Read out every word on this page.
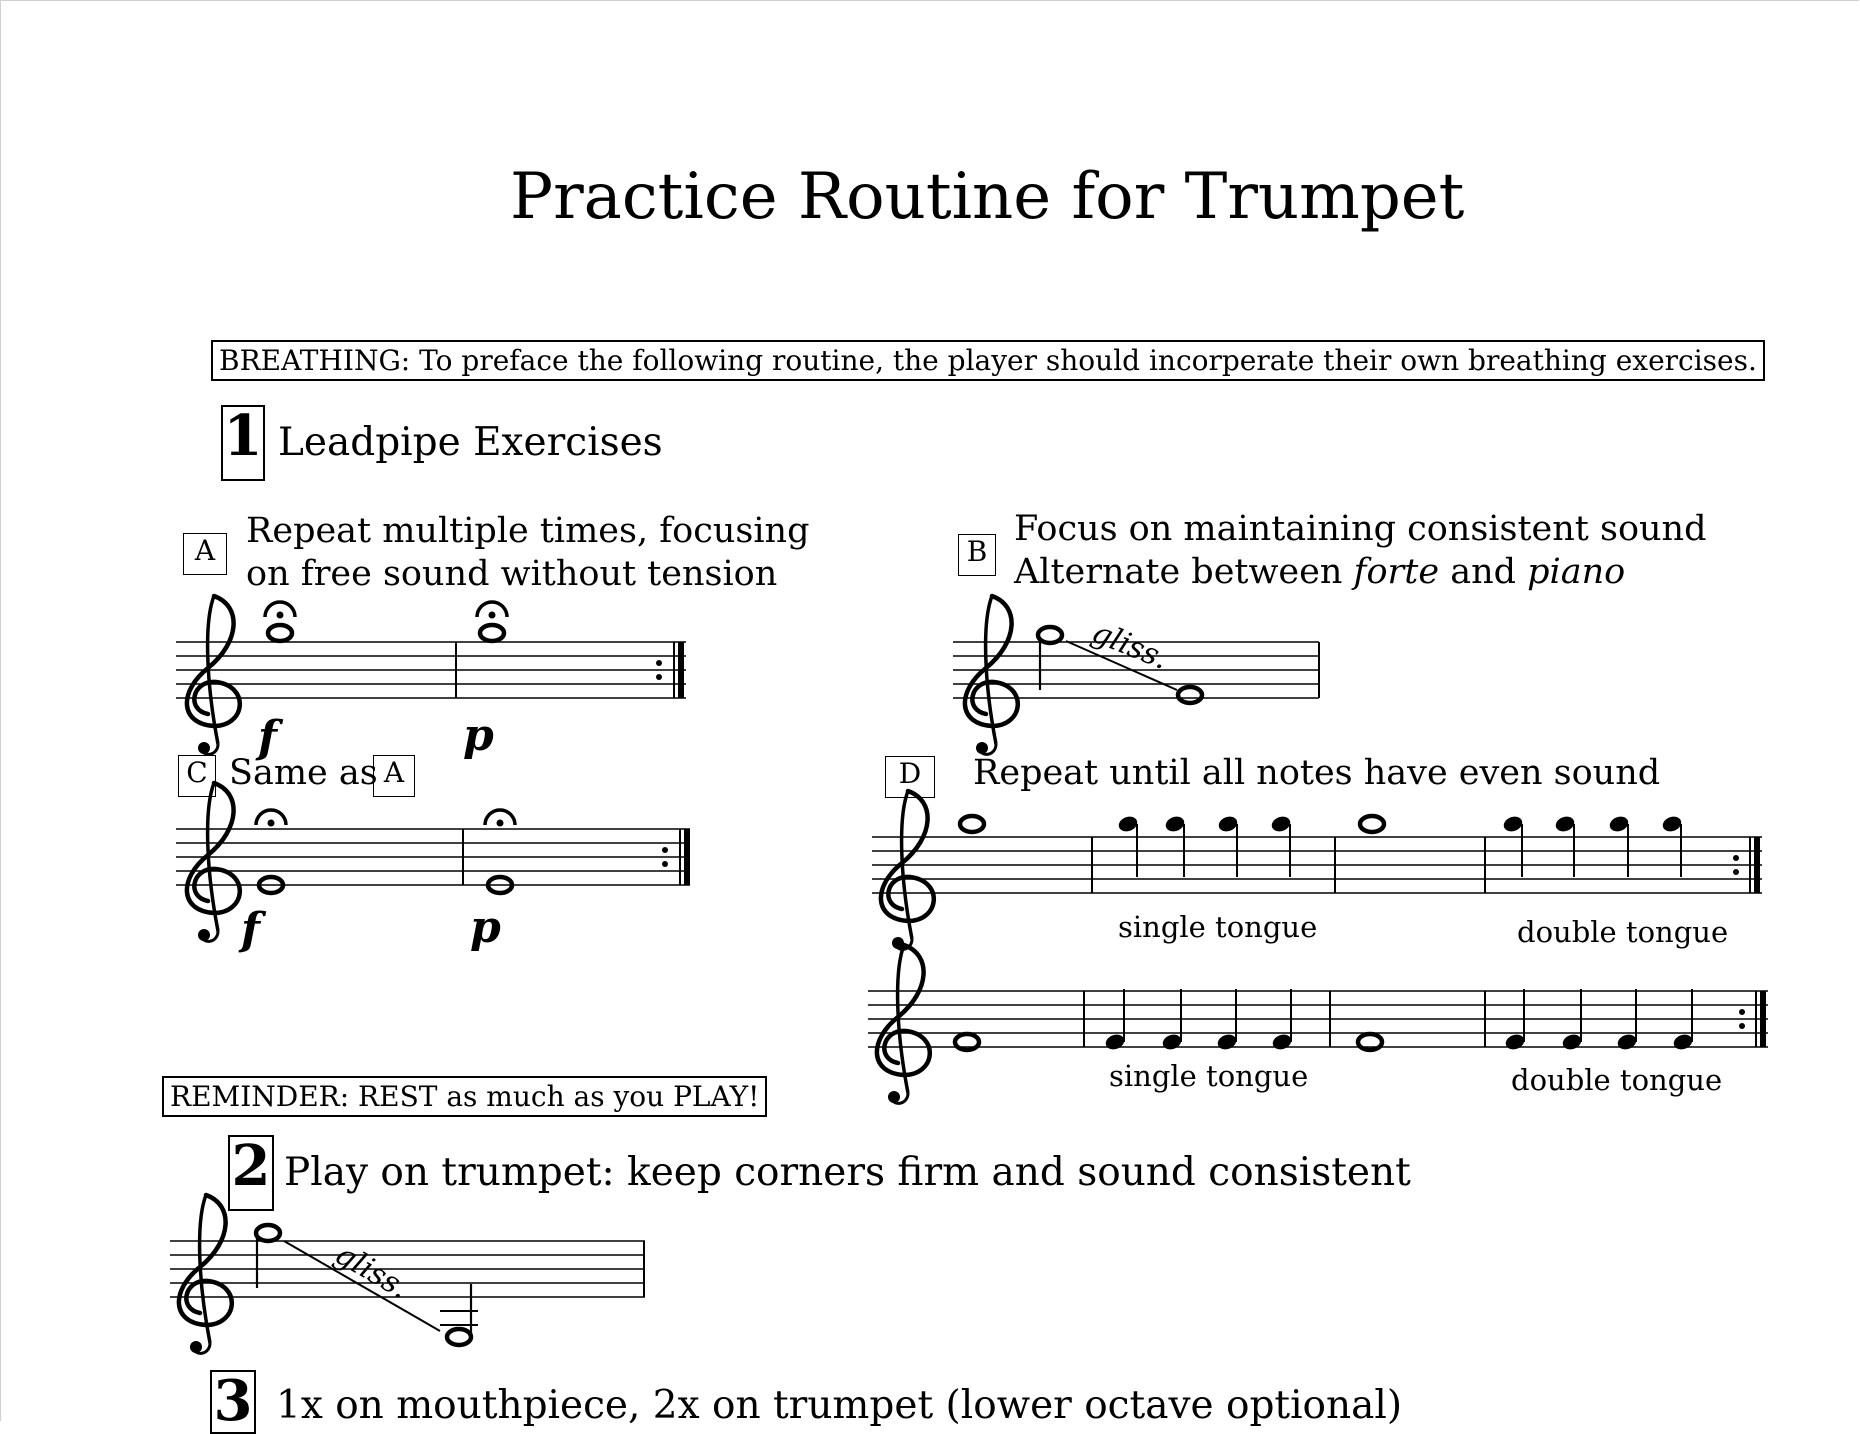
Practice Routine for Trumpet
BREATHING: To preface the following routine, the player should incorperate their own breathing exercises.
1 Leadpipe Exercises
A Repeat multiple times, focusing
on free sound without tension
B
Focus on maintaining consistent sound
Alternate between forte and piano
C Same as A	D	Repeat until all notes have even sound
single tongue	double tongue
single tongue	double tongue
REMINDER: REST as much as you PLAY!
2 Play on trumpet: keep corners firm and sound consistent
3 1x on mouthpiece, 2x on trumpet (lower octave optional)
f	p
gliss.
f	p
gliss.
